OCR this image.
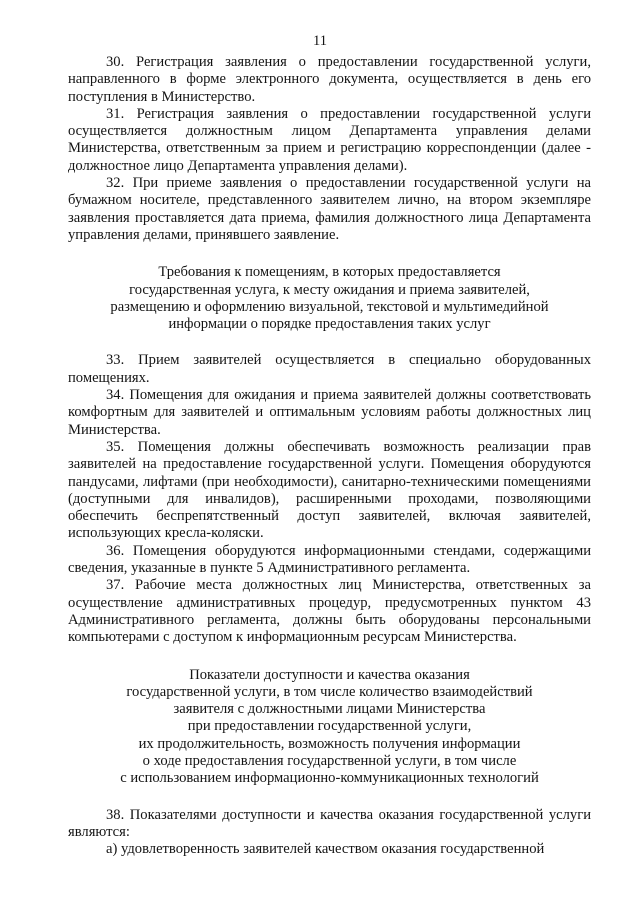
11

30. Регистрация заявления о предоставлении государственной услуги, направленного в форме электронного документа, осуществляется в день его поступления в Министерство.

31. Регистрация заявления о предоставлении государственной услуги осуществляется должностным лицом Департамента управления делами Министерства, ответственным за прием и регистрацию корреспонденции (далее - должностное лицо Департамента управления делами).

32. При приеме заявления о предоставлении государственной услуги на бумажном носителе, представленного заявителем лично, на втором экземпляре заявления проставляется дата приема, фамилия должностного лица Департамента управления делами, принявшего заявление.

Требования к помещениям, в которых предоставляется
государственная услуга, к месту ожидания и приема заявителей,
размещению и оформлению визуальной, текстовой и мультимедийной
информации о порядке предоставления таких услуг

33. Прием заявителей осуществляется в специально оборудованных помещениях.

34. Помещения для ожидания и приема заявителей должны соответствовать комфортным для заявителей и оптимальным условиям работы должностных лиц Министерства.

35. Помещения должны обеспечивать возможность реализации прав заявителей на предоставление государственной услуги. Помещения оборудуются пандусами, лифтами (при необходимости), санитарно-техническими помещениями (доступными для инвалидов), расширенными проходами, позволяющими обеспечить беспрепятственный доступ заявителей, включая заявителей, использующих кресла-коляски.

36. Помещения оборудуются информационными стендами, содержащими сведения, указанные в пункте 5 Административного регламента.

37. Рабочие места должностных лиц Министерства, ответственных за осуществление административных процедур, предусмотренных пунктом 43 Административного регламента, должны быть оборудованы персональными компьютерами с доступом к информационным ресурсам Министерства.

Показатели доступности и качества оказания
государственной услуги, в том числе количество взаимодействий
заявителя с должностными лицами Министерства
при предоставлении государственной услуги,
их продолжительность, возможность получения информации
о ходе предоставления государственной услуги, в том числе
с использованием информационно-коммуникационных технологий

38. Показателями доступности и качества оказания государственной услуги являются:

а) удовлетворенность заявителей качеством оказания государственной
